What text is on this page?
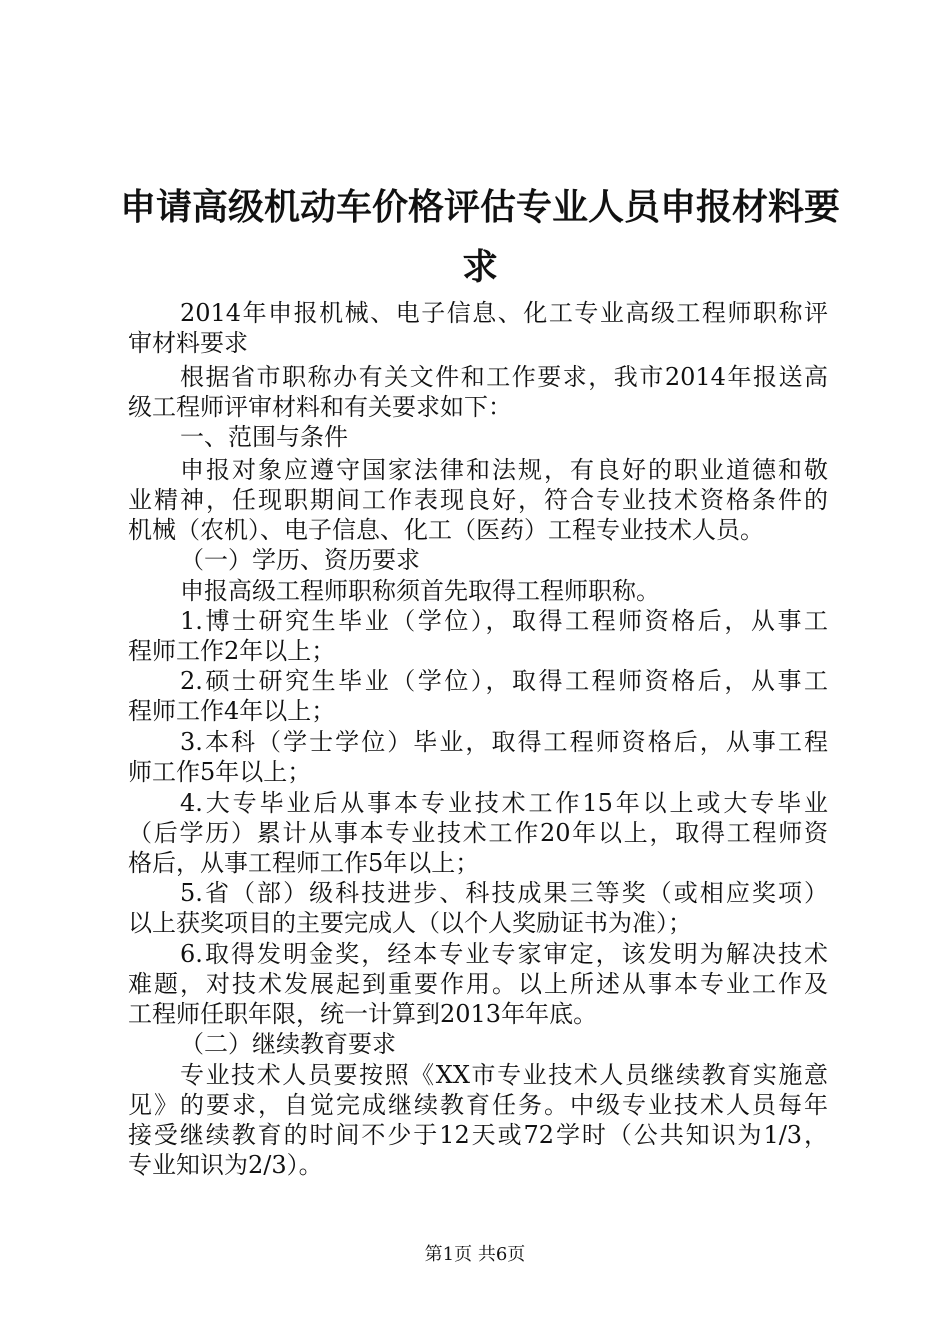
申请高级机动车价格评估专业人员申报材料要
求
2014年申报机械、电子信息、化工专业高级工程师职称评
审材料要求
根据省市职称办有关文件和工作要求，我市2014年报送高
级工程师评审材料和有关要求如下：
一、范围与条件
申报对象应遵守国家法律和法规，有良好的职业道德和敬
业精神，任现职期间工作表现良好，符合专业技术资格条件的
机械（农机）、电子信息、化工（医药）工程专业技术人员。
（一）学历、资历要求
申报高级工程师职称须首先取得工程师职称。
1.博士研究生毕业（学位），取得工程师资格后，从事工
程师工作2年以上；
2.硕士研究生毕业（学位），取得工程师资格后，从事工
程师工作4年以上；
3.本科（学士学位）毕业，取得工程师资格后，从事工程
师工作5年以上；
4.大专毕业后从事本专业技术工作15年以上或大专毕业
（后学历）累计从事本专业技术工作20年以上，取得工程师资
格后，从事工程师工作5年以上；
5.省（部）级科技进步、科技成果三等奖（或相应奖项）
以上获奖项目的主要完成人（以个人奖励证书为准）；
6.取得发明金奖，经本专业专家审定，该发明为解决技术
难题，对技术发展起到重要作用。以上所述从事本专业工作及
工程师任职年限，统一计算到2013年年底。
（二）继续教育要求
专业技术人员要按照《XX市专业技术人员继续教育实施意
见》的要求，自觉完成继续教育任务。中级专业技术人员每年
接受继续教育的时间不少于12天或72学时（公共知识为1/3，
专业知识为2/3）。
第1页 共6页
